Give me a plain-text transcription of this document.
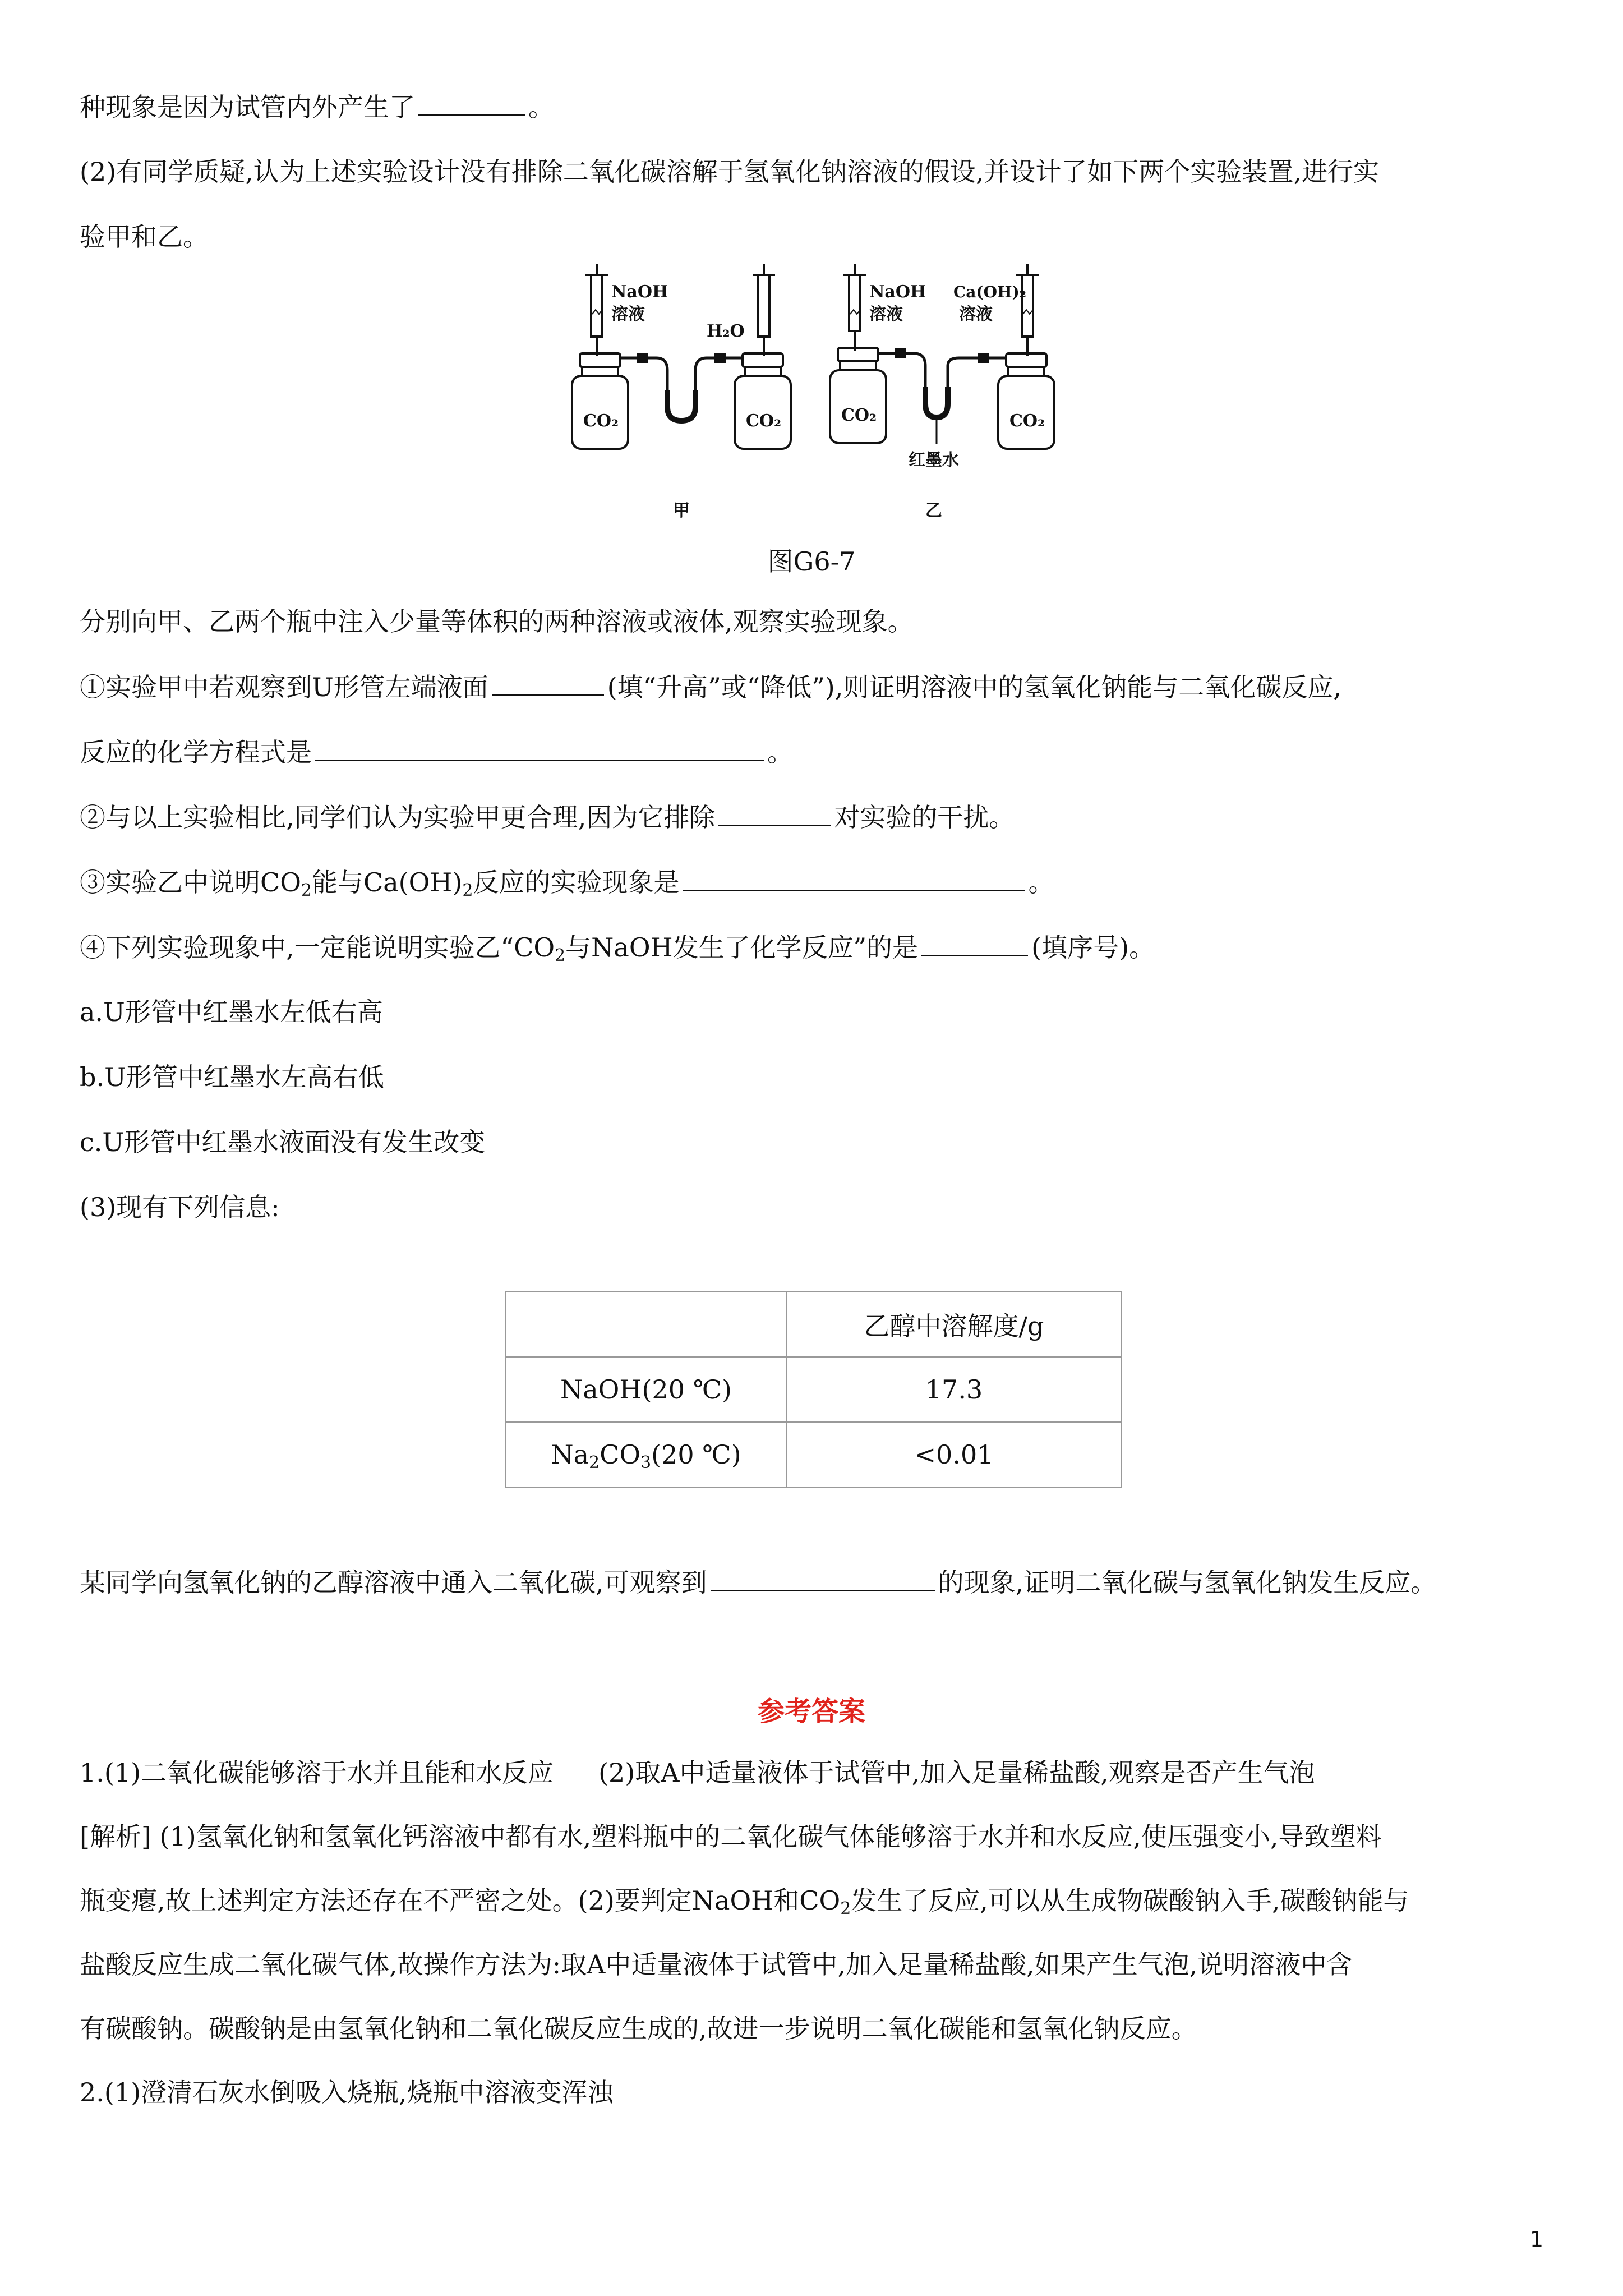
种现象是因为试管内外产生了	。
(2)有同学质疑,认为上述实验设计没有排除二氧化碳溶解于氢氧化钠溶液的假设,并设计了如下两个实验装置,进行实
验甲和乙。
NaOH
溶液
H₂O
CO₂	CO₂
NaOH
溶液
Ca(OH)₂
溶液
CO₂	CO₂
红墨水
甲	乙
图G6-7
分别向甲、乙两个瓶中注入少量等体积的两种溶液或液体,观察实验现象。
①实验甲中若观察到U形管左端液面	(填“升高”或“降低”),则证明溶液中的氢氧化钠能与二氧化碳反应,
反应的化学方程式是	。
②与以上实验相比,同学们认为实验甲更合理,因为它排除	对实验的干扰。
③实验乙中说明$CO_2$能与$Ca(OH)_2$反应的实验现象是	。
④下列实验现象中,一定能说明实验乙“$CO_2$与NaOH发生了化学反应”的是	(填序号)。
a.U形管中红墨水左低右高
b.U形管中红墨水左高右低
c.U形管中红墨水液面没有发生改变
(3)现有下列信息:
	乙醇中溶解度/g
NaOH(20 ℃)	17.3
$Na_2CO_3(20$ ℃)	<0.01
某同学向氢氧化钠的乙醇溶液中通入二氧化碳,可观察到	的现象,证明二氧化碳与氢氧化钠发生反应。
参考答案
1.(1)二氧化碳能够溶于水并且能和水反应 (2)取A中适量液体于试管中,加入足量稀盐酸,观察是否产生气泡
[解析] (1)氢氧化钠和氢氧化钙溶液中都有水,塑料瓶中的二氧化碳气体能够溶于水并和水反应,使压强变小,导致塑料
瓶变瘪,故上述判定方法还存在不严密之处。(2)要判定NaOH和$CO_2$发生了反应,可以从生成物碳酸钠入手,碳酸钠能与
盐酸反应生成二氧化碳气体,故操作方法为:取A中适量液体于试管中,加入足量稀盐酸,如果产生气泡,说明溶液中含
有碳酸钠。碳酸钠是由氢氧化钠和二氧化碳反应生成的,故进一步说明二氧化碳能和氢氧化钠反应。
2.(1)澄清石灰水倒吸入烧瓶,烧瓶中溶液变浑浊
1
